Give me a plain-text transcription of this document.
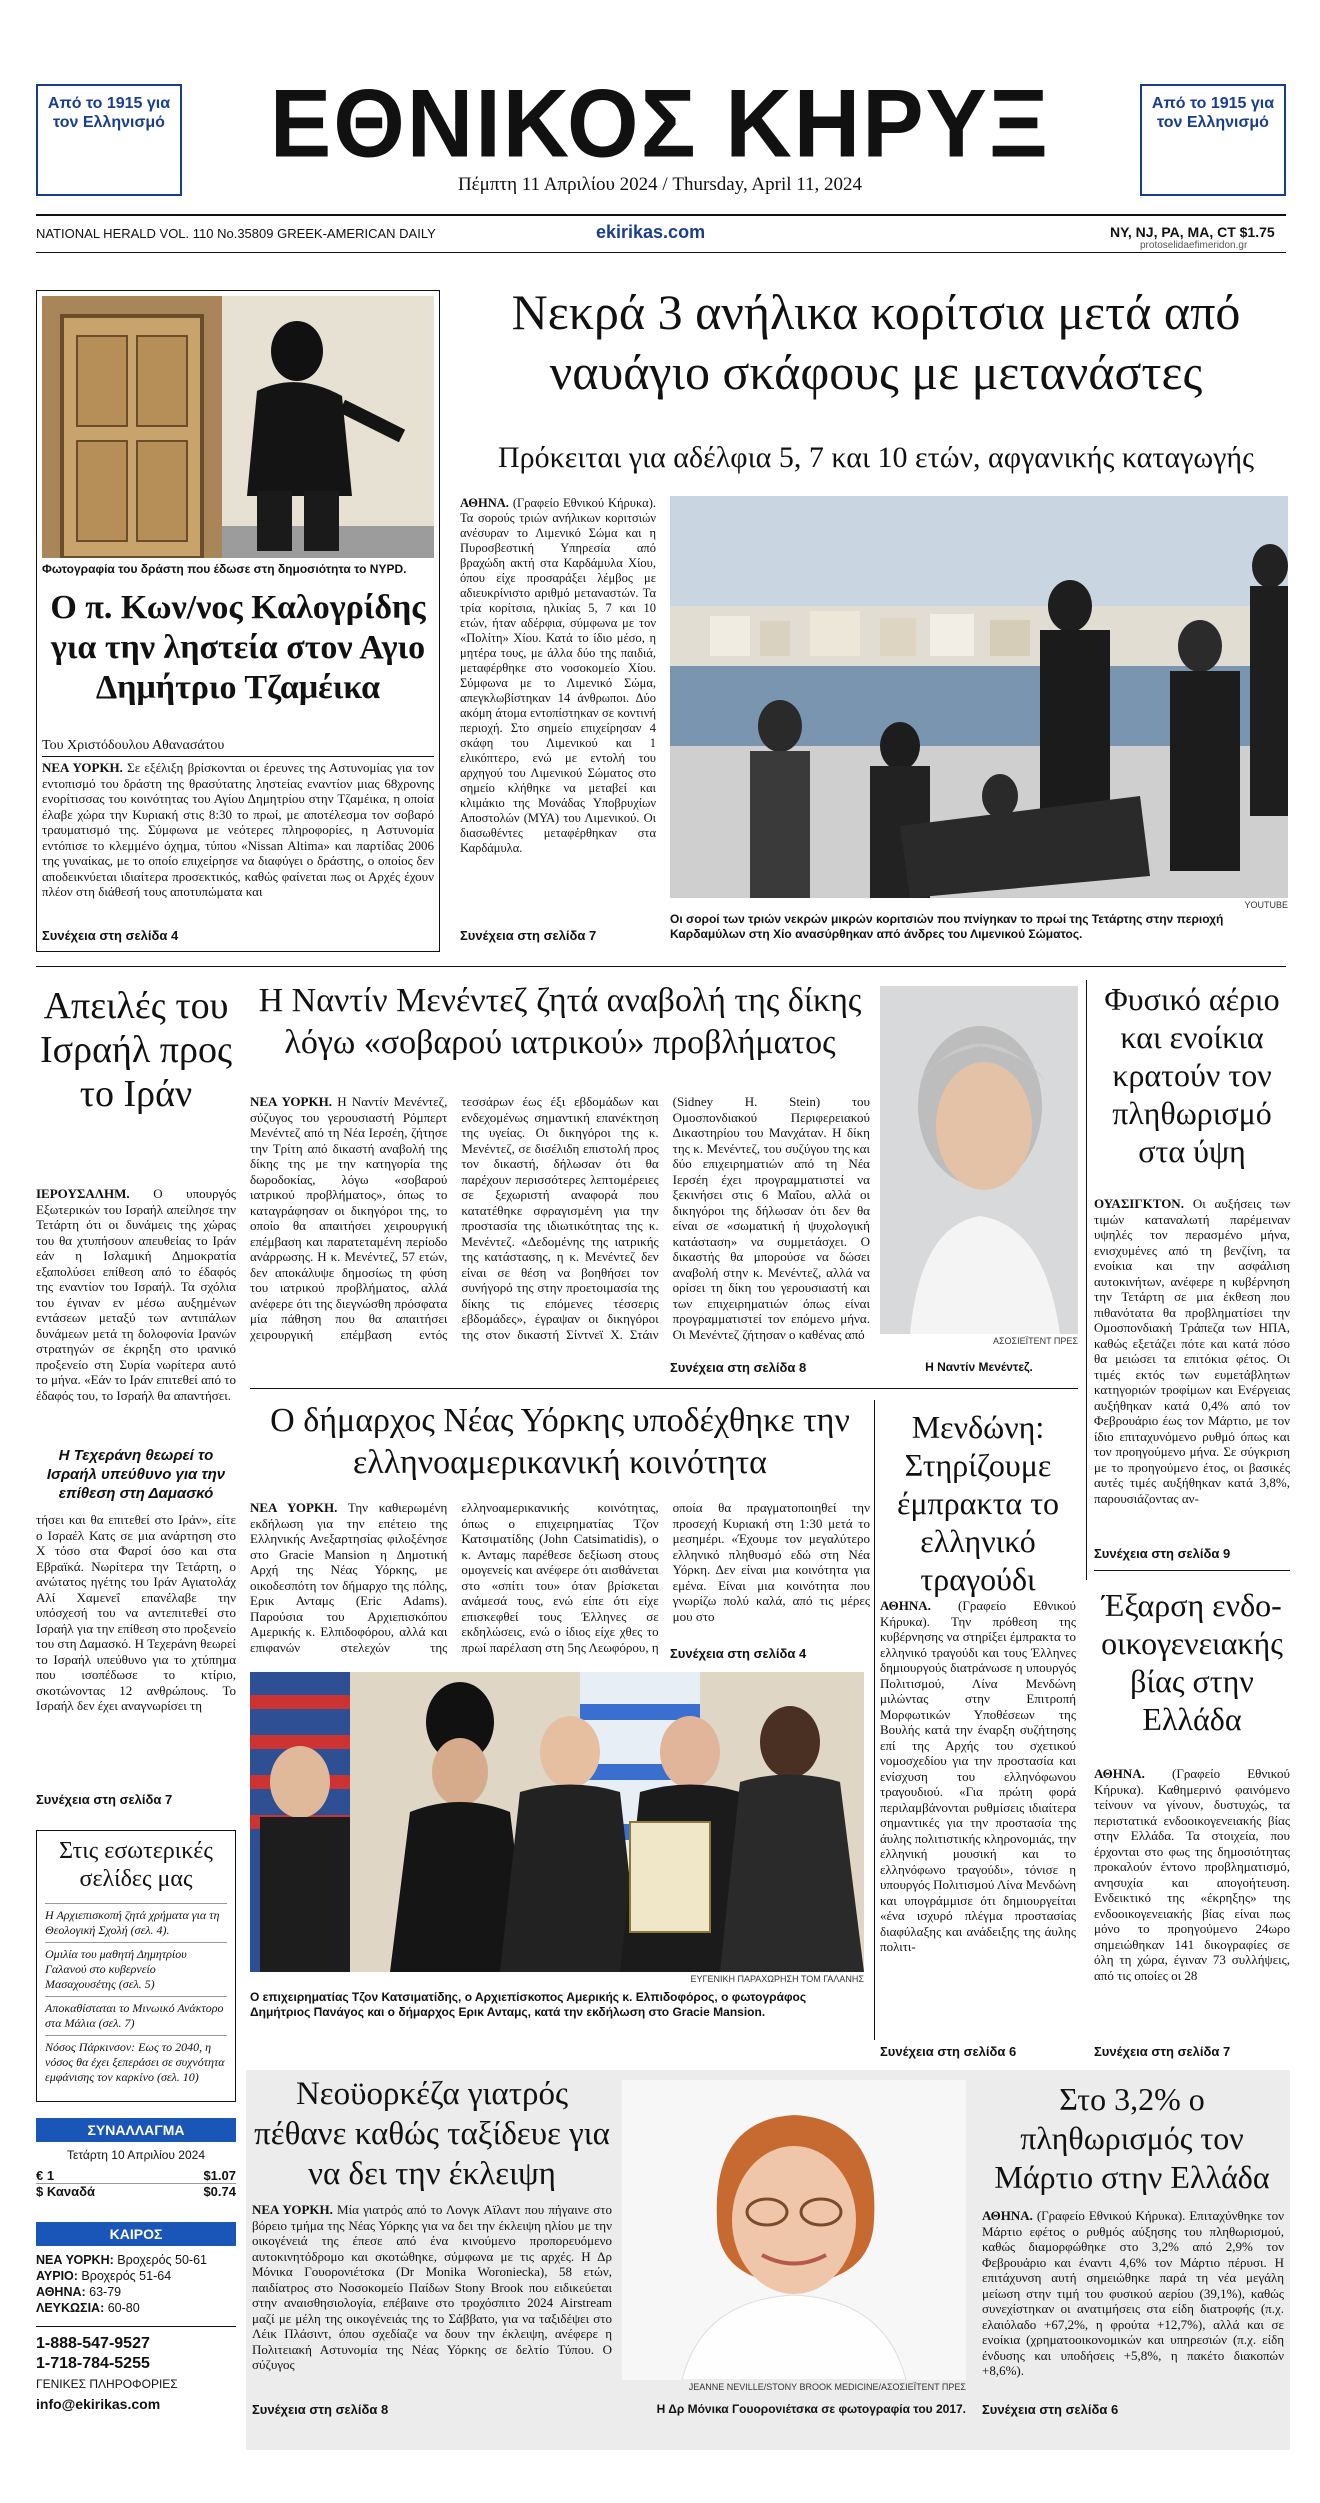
Από το 1915 για τον Ελληνισμό
Από το 1915 για τον Ελληνισμό
ΕΘΝΙΚΟΣ ΚΗΡΥΞ
Πέμπτη 11 Απριλίου 2024 / Thursday, April 11, 2024
NATIONAL HERALD VOL. 110 No.35809 GREEK-AMERICAN DAILY	ekirikas.com	NY, NJ, PA, MA, CT $1.75
protoselidaefimeridon.gr
Φωτογραφία του δράστη που έδωσε στη δημοσιότητα το NYPD.
Ο π. Κων/νος Καλογρίδης για την ληστεία στον Αγιο Δημήτριο Τζαμέικα
Του Χριστόδουλου Αθανασάτου
ΝΕΑ ΥΟΡΚΗ. Σε εξέλιξη βρίσκονται οι έρευνες της Αστυνομίας για τον εντοπισμό του δράστη της θρασύτατης ληστείας εναντίον μιας 68χρονης ενορίτισσας του κοινότητας του Αγίου Δημητρίου στην Τζαμέικα, η οποία έλαβε χώρα την Κυριακή στις 8:30 το πρωί, με αποτέλεσμα τον σοβαρό τραυματισμό της. Σύμφωνα με νεότερες πληροφορίες, η Αστυνομία εντόπισε το κλεμμένο όχημα, τύπου «Nissan Altima» και παρτίδας 2006 της γυναίκας, με το οποίο επιχείρησε να διαφύγει ο δράστης, ο οποίος δεν αποδεικνύεται ιδιαίτερα προσεκτικός, καθώς φαίνεται πως οι Αρχές έχουν πλέον στη διάθεσή τους αποτυπώματα και
Συνέχεια στη σελίδα 4
Νεκρά 3 ανήλικα κορίτσια μετά από ναυάγιο σκάφους με μετανάστες
Πρόκειται για αδέλφια 5, 7 και 10 ετών, αφγανικής καταγωγής
ΑΘΗΝΑ. (Γραφείο Εθνικού Κήρυκα). Τα σορούς τριών ανήλικων κοριτσιών ανέσυραν το Λιμενικό Σώμα και η Πυροσβεστική Υπηρεσία από βραχώδη ακτή στα Καρδάμυλα Χίου, όπου είχε προσαράξει λέμβος με αδιευκρίνιστο αριθμό μεταναστών. Τα τρία κορίτσια, ηλικίας 5, 7 και 10 ετών, ήταν αδέρφια, σύμφωνα με τον «Πολίτη» Χίου. Κατά το ίδιο μέσο, η μητέρα τους, με άλλα δύο της παιδιά, μεταφέρθηκε στο νοσοκομείο Χίου. Σύμφωνα με το Λιμενικό Σώμα, απεγκλωβίστηκαν 14 άνθρωποι. Δύο ακόμη άτομα εντοπίστηκαν σε κοντινή περιοχή. Στο σημείο επιχείρησαν 4 σκάφη του Λιμενικού και 1 ελικόπτερο, ενώ με εντολή του αρχηγού του Λιμενικού Σώματος στο σημείο κλήθηκε να μεταβεί και κλιμάκιο της Μονάδας Υποβρυχίων Αποστολών (ΜΥΑ) του Λιμενικού. Οι διασωθέντες μεταφέρθηκαν στα Καρδάμυλα.
Συνέχεια στη σελίδα 7
YOUTUBE
Οι σοροί των τριών νεκρών μικρών κοριτσιών που πνίγηκαν το πρωί της Τετάρτης στην περιοχή Καρδαμύλων στη Χίο ανασύρθηκαν από άνδρες του Λιμενικού Σώματος.
Απειλές του Ισραήλ προς το Ιράν
ΙΕΡΟΥΣΑΛΗΜ. Ο υπουργός Εξωτερικών του Ισραήλ απείλησε την Τετάρτη ότι οι δυνάμεις της χώρας του θα χτυπήσουν απευθείας το Ιράν εάν η Ισλαμική Δημοκρατία εξαπολύσει επίθεση από το έδαφός της εναντίον του Ισραήλ. Τα σχόλια του έγιναν εν μέσω αυξημένων εντάσεων μεταξύ των αντιπάλων δυνάμεων μετά τη δολοφονία Ιρανών στρατηγών σε έκρηξη στο ιρανικό προξενείο στη Συρία νωρίτερα αυτό το μήνα. «Εάν το Ιράν επιτεθεί από το έδαφός του, το Ισραήλ θα απαντήσει.
Η Τεχεράνη θεωρεί το Ισραήλ υπεύθυνο για την επίθεση στη Δαμασκό
τήσει και θα επιτεθεί στο Ιράν», είτε ο Ισραέλ Κατς σε μια ανάρτηση στο Χ τόσο στα Φαρσί όσο και στα Εβραϊκά. Νωρίτερα την Τετάρτη, ο ανώτατος ηγέτης του Ιράν Αγιατολάχ Αλί Χαμενεΐ επανέλαβε την υπόσχεσή του να αντεπιτεθεί στο Ισραήλ για την επίθεση στο προξενείο του στη Δαμασκό. Η Τεχεράνη θεωρεί το Ισραήλ υπεύθυνο για το χτύπημα που ισοπέδωσε το κτίριο, σκοτώνοντας 12 ανθρώπους. Το Ισραήλ δεν έχει αναγνωρίσει τη
Συνέχεια στη σελίδα 7
Στις εσωτερικές σελίδες μας
Η Αρχιεπισκοπή ζητά χρήματα για τη Θεολογική Σχολή (σελ. 4).
Ομιλία του μαθητή Δημητρίου Γαλανού στο κυβερνείο Μασαχουσέτης (σελ. 5)
Αποκαθίσταται το Μινωικό Ανάκτορο στα Μάλια (σελ. 7)
Νόσος Πάρκινσον: Εως το 2040, η νόσος θα έχει ξεπεράσει σε συχνότητα εμφάνισης τον καρκίνο (σελ. 10)
ΣΥΝΑΛΛΑΓΜΑ
Τετάρτη 10 Απριλίου 2024
€ 1	$1.07
$ Καναδά	$0.74
ΚΑΙΡΟΣ
ΝΕΑ ΥΟΡΚΗ: Βροχερός 50-61
ΑΥΡΙΟ: Βροχερός 51-64
ΑΘΗΝΑ: 63-79
ΛΕΥΚΩΣΙΑ: 60-80
1-888-547-9527
1-718-784-5255
ΓΕΝΙΚΕΣ ΠΛΗΡΟΦΟΡΙΕΣ
info@ekirikas.com
Η Ναντίν Μενέντεζ ζητά αναβολή της δίκης λόγω «σοβαρού ιατρικού» προβλήματος
ΝΕΑ ΥΟΡΚΗ. Η Ναντίν Μενέντεζ, σύζυγος του γερουσιαστή Ρόμπερτ Μενέντεζ από τη Νέα Ιερσέη, ζήτησε την Τρίτη από δικαστή αναβολή της δίκης της με την κατηγορία της δωροδοκίας, λόγω «σοβαρού ιατρικού προβλήματος», όπως το καταγράφησαν οι δικηγόροι της, το οποίο θα απαιτήσει χειρουργική επέμβαση και παρατεταμένη περίοδο ανάρρωσης. Η κ. Μενέντεζ, 57 ετών, δεν αποκάλυψε δημοσίως τη φύση του ιατρικού προβλήματος, αλλά ανέφερε ότι της διεγνώσθη πρόσφατα μία πάθηση που θα απαιτήσει χειρουργική επέμβαση εντός τεσσάρων έως έξι εβδομάδων και ενδεχομένως σημαντική επανέκτηση της υγείας. Οι δικηγόροι της κ. Μενέντεζ, σε δισέλιδη επιστολή προς τον δικαστή, δήλωσαν ότι θα παρέχουν περισσότερες λεπτομέρειες σε ξεχωριστή αναφορά που κατατέθηκε σφραγισμένη για την προστασία της ιδιωτικότητας της κ. Μενέντεζ. «Δεδομένης της ιατρικής της κατάστασης, η κ. Μενέντεζ δεν είναι σε θέση να βοηθήσει τον συνήγορό της στην προετοιμασία της δίκης τις επόμενες τέσσερις εβδομάδες», έγραψαν οι δικηγόροι της στον δικαστή Σίντνεϊ Χ. Στάιν (Sidney H. Stein) του Ομοσπονδιακού Περιφερειακού Δικαστηρίου του Μανχάταν. Η δίκη της κ. Μενέντεζ, του συζύγου της και δύο επιχειρηματιών από τη Νέα Ιερσέη έχει προγραμματιστεί να ξεκινήσει στις 6 Μαΐου, αλλά οι δικηγόροι της δήλωσαν ότι δεν θα είναι σε «σωματική ή ψυχολογική κατάσταση» να συμμετάσχει. Ο δικαστής θα μπορούσε να δώσει αναβολή στην κ. Μενέντεζ, αλλά να ορίσει τη δίκη του γερουσιαστή και των επιχειρηματιών όπως είναι προγραμματιστεί τον επόμενο μήνα. Οι Μενέντεζ ζήτησαν ο καθένας από
Συνέχεια στη σελίδα 8
ΑΣΟΣΙΕΪΤΕΝΤ ΠΡΕΣ
Η Ναντίν Μενέντεζ.
Φυσικό αέριο και ενοίκια κρατούν τον πληθωρισμό στα ύψη
ΟΥΑΣΙΓΚΤΟΝ. Οι αυξήσεις των τιμών καταναλωτή παρέμειναν υψηλές τον περασμένο μήνα, ενισχυμένες από τη βενζίνη, τα ενοίκια και την ασφάλιση αυτοκινήτων, ανέφερε η κυβέρνηση την Τετάρτη σε μια έκθεση που πιθανότατα θα προβληματίσει την Ομοσπονδιακή Τράπεζα των ΗΠΑ, καθώς εξετάζει πότε και κατά πόσο θα μειώσει τα επιτόκια φέτος. Οι τιμές εκτός των ευμετάβλητων κατηγοριών τροφίμων και Ενέργειας αυξήθηκαν κατά 0,4% από τον Φεβρουάριο έως τον Μάρτιο, με τον ίδιο επιταχυνόμενο ρυθμό όπως και τον προηγούμενο μήνα. Σε σύγκριση με το προηγούμενο έτος, οι βασικές αυτές τιμές αυξήθηκαν κατά 3,8%, παρουσιάζοντας αν-
Συνέχεια στη σελίδα 9
Ο δήμαρχος Νέας Υόρκης υποδέχθηκε την ελληνοαμερικανική κοινότητα
ΝΕΑ ΥΟΡΚΗ. Την καθιερωμένη εκδήλωση για την επέτειο της Ελληνικής Ανεξαρτησίας φιλοξένησε στο Gracie Mansion η Δημοτική Αρχή της Νέας Υόρκης, με οικοδεσπότη τον δήμαρχο της πόλης, Ερικ Ανταμς (Eric Adams). Παρούσια του Αρχιεπισκόπου Αμερικής κ. Ελπιδοφόρου, αλλά και επιφανών στελεχών της ελληνοαμερικανικής κοινότητας, όπως ο επιχειρηματίας Τζον Κατσιματίδης (John Catsimatidis), ο κ. Ανταμς παρέθεσε δεξίωση στους ομογενείς και ανέφερε ότι αισθάνεται στο «σπίτι του» όταν βρίσκεται ανάμεσά τους, ενώ είπε ότι είχε επισκεφθεί τους Έλληνες σε εκδηλώσεις, ενώ ο ίδιος είχε χθες το πρωί παρέλαση στη 5ης Λεωφόρου, η οποία θα πραγματοποιηθεί την προσεχή Κυριακή στη 1:30 μετά το μεσημέρι. «Έχουμε τον μεγαλύτερο ελληνικό πληθυσμό εδώ στη Νέα Υόρκη. Δεν είναι μια κοινότητα για εμένα. Είναι μια κοινότητα που γνωρίζω πολύ καλά, από τις μέρες μου στο
Συνέχεια στη σελίδα 4
ΕΥΓΕΝΙΚΗ ΠΑΡΑΧΩΡΗΣΗ ΤΟΜ ΓΑΛΑΝΗΣ
Ο επιχειρηματίας Τζον Κατσιματίδης, ο Αρχιεπίσκοπος Αμερικής κ. Ελπιδοφόρος, ο φωτογράφος Δημήτριος Πανάγος και ο δήμαρχος Ερικ Ανταμς, κατά την εκδήλωση στο Gracie Mansion.
Μενδώνη: Στηρίζουμε έμπρακτα το ελληνικό τραγούδι
ΑΘΗΝΑ. (Γραφείο Εθνικού Κήρυκα). Την πρόθεση της κυβέρνησης να στηρίξει έμπρακτα το ελληνικό τραγούδι και τους Έλληνες δημιουργούς διατράνωσε η υπουργός Πολιτισμού, Λίνα Μενδώνη μιλώντας στην Επιτροπή Μορφωτικών Υποθέσεων της Βουλής κατά την έναρξη συζήτησης επί της Αρχής του σχετικού νομοσχεδίου για την προστασία και ενίσχυση του ελληνόφωνου τραγουδιού. «Για πρώτη φορά περιλαμβάνονται ρυθμίσεις ιδιαίτερα σημαντικές για την προστασία της άυλης πολιτιστικής κληρονομιάς, την ελληνική μουσική και το ελληνόφωνο τραγούδι», τόνισε η υπουργός Πολιτισμού Λίνα Μενδώνη και υπογράμμισε ότι δημιουργείται «ένα ισχυρό πλέγμα προστασίας διαφύλαξης και ανάδειξης της άυλης πολιτι-
Συνέχεια στη σελίδα 6
Έξαρση ενδο-οικογενειακής βίας στην Ελλάδα
ΑΘΗΝΑ. (Γραφείο Εθνικού Κήρυκα). Καθημερινό φαινόμενο τείνουν να γίνουν, δυστυχώς, τα περιστατικά ενδοοικογενειακής βίας στην Ελλάδα. Τα στοιχεία, που έρχονται στο φως της δημοσιότητας προκαλούν έντονο προβληματισμό, ανησυχία και απογοήτευση. Ενδεικτικό της «έκρηξης» της ενδοοικογενειακής βίας είναι πως μόνο το προηγούμενο 24ωρο σημειώθηκαν 141 δικογραφίες σε όλη τη χώρα, έγιναν 73 συλλήψεις, από τις οποίες οι 28
Συνέχεια στη σελίδα 7
Νεοϋορκέζα γιατρός πέθανε καθώς ταξίδευε για να δει την έκλειψη
ΝΕΑ ΥΟΡΚΗ. Μία γιατρός από το Λονγκ Αϊλαντ που πήγαινε στο βόρειο τμήμα της Νέας Υόρκης για να δει την έκλειψη ηλίου με την οικογένειά της έπεσε από ένα κινούμενο προπορευόμενο αυτοκινητόδρομο και σκοτώθηκε, σύμφωνα με τις αρχές. Η Δρ Μόνικα Γουορονιέτσκα (Dr Monika Woroniecka), 58 ετών, παιδίατρος στο Νοσοκομείο Παίδων Stony Brook που ειδικεύεται στην αναισθησιολογία, επέβαινε στο τροχόσπιτο 2024 Airstream μαζί με μέλη της οικογένειάς της το Σάββατο, για να ταξιδέψει στο Λέικ Πλάσιντ, όπου σχεδίαζε να δουν την έκλειψη, ανέφερε η Πολιτειακή Αστυνομία της Νέας Υόρκης σε δελτίο Τύπου. Ο σύζυγος
Συνέχεια στη σελίδα 8
JEANNE NEVILLE/STONY BROOK MEDICINE/ΑΣΟΣΙΕΪΤΕΝΤ ΠΡΕΣ
Η Δρ Μόνικα Γουορονιέτσκα σε φωτογραφία του 2017.
Στο 3,2% ο πληθωρισμός τον Μάρτιο στην Ελλάδα
ΑΘΗΝΑ. (Γραφείο Εθνικού Κήρυκα). Επιταχύνθηκε τον Μάρτιο εφέτος ο ρυθμός αύξησης του πληθωρισμού, καθώς διαμορφώθηκε στο 3,2% από 2,9% τον Φεβρουάριο και έναντι 4,6% τον Μάρτιο πέρυσι. Η επιτάχυνση αυτή σημειώθηκε παρά τη νέα μεγάλη μείωση στην τιμή του φυσικού αερίου (39,1%), καθώς συνεχίστηκαν οι ανατιμήσεις στα είδη διατροφής (π.χ. ελαιόλαδο +67,2%, η φρούτα +12,7%), αλλά και σε ενοίκια (χρηματοοικονομικών και υπηρεσιών (π.χ. είδη ένδυσης και υποδήσεις +5,8%, η πακέτο διακοπών +8,6%).
Συνέχεια στη σελίδα 6
